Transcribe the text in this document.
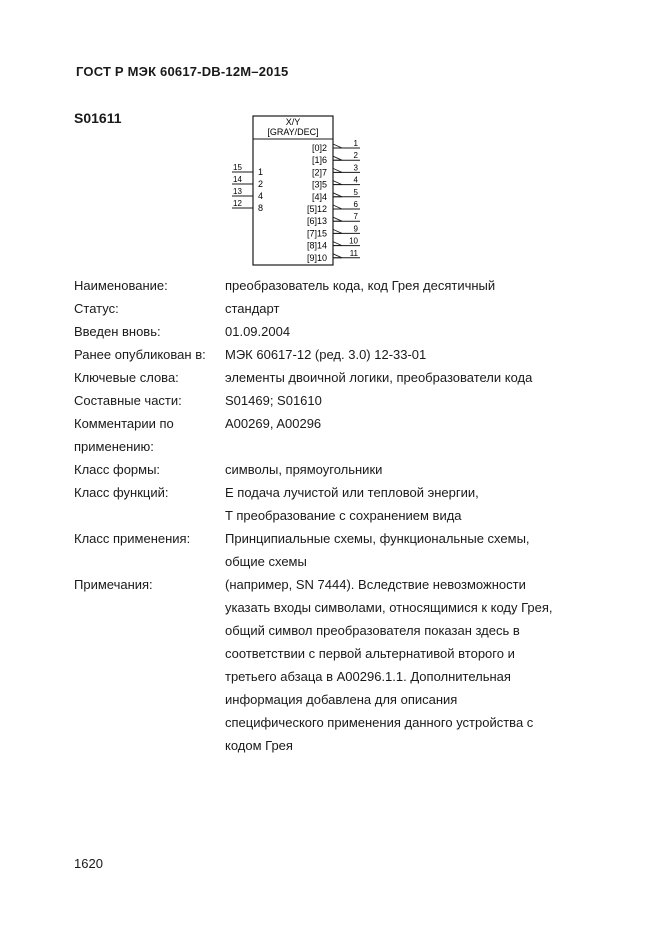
ГОСТ Р МЭК 60617-DB-12M–2015
S01611	X/Y
[GRAY/DEC]
15 1
14 2
13 4
12 8
[0]2	1
[1]6	2
[2]7	3
[3]5	4
[4]4	5
[5]12	6
[6]13	7
[7]15	9
[8]14	10
[9]10	11
Наименование:	преобразователь кода, код Грея десятичный
Статус:	стандарт
Введен вновь:	01.09.2004
Ранее опубликован в:	МЭК 60617-12 (ред. 3.0) 12-33-01
Ключевые слова:	элементы двоичной логики, преобразователи кода
Составные части:	S01469; S01610
Комментарии по применению:
A00269, A00296
Класс формы:	символы, прямоугольники
Класс функций:	E подача лучистой или тепловой энергии,
T преобразование с сохранением вида
Класс применения:	Принципиальные схемы, функциональные схемы,
общие схемы
Примечания:	(например, SN 7444). Вследствие невозможности
указать входы символами, относящимися к коду Грея,
общий символ преобразователя показан здесь в
соответствии с первой альтернативой второго и
третьего абзаца в A00296.1.1. Дополнительная
информация добавлена для описания
специфического применения данного устройства с
кодом Грея
1620
